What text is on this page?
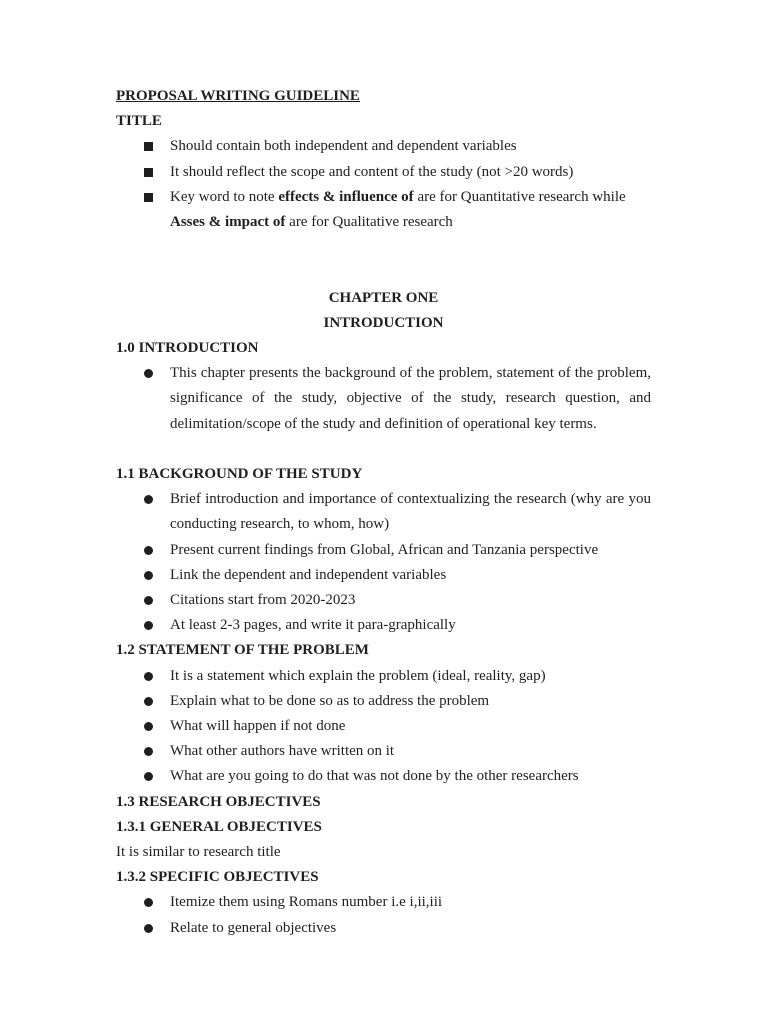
PROPOSAL WRITING GUIDELINE

TITLE

Should contain both independent and dependent variables
It should reflect the scope and content of the study (not >20 words)
Key word to note effects & influence of are for Quantitative research while Asses & impact of are for Qualitative research

CHAPTER ONE

INTRODUCTION

1.0 INTRODUCTION

This chapter presents the background of the problem, statement of the problem, significance of the study, objective of the study, research question, and delimitation/scope of the study and definition of operational key terms.

1.1 BACKGROUND OF THE STUDY

Brief introduction and importance of contextualizing the research (why are you conducting research, to whom, how)
Present current findings from Global, African and Tanzania perspective
Link the dependent and independent variables
Citations start from 2020-2023
At least 2-3 pages, and write it para-graphically

1.2 STATEMENT OF THE PROBLEM

It is a statement which explain the problem (ideal, reality, gap)
Explain what to be done so as to address the problem
What will happen if not done
What other authors have written on it
What are you going to do that was not done by the other researchers

1.3 RESEARCH OBJECTIVES

1.3.1 GENERAL OBJECTIVES

It is similar to research title

1.3.2 SPECIFIC OBJECTIVES

Itemize them using Romans number i.e i,ii,iii
Relate to general objectives
